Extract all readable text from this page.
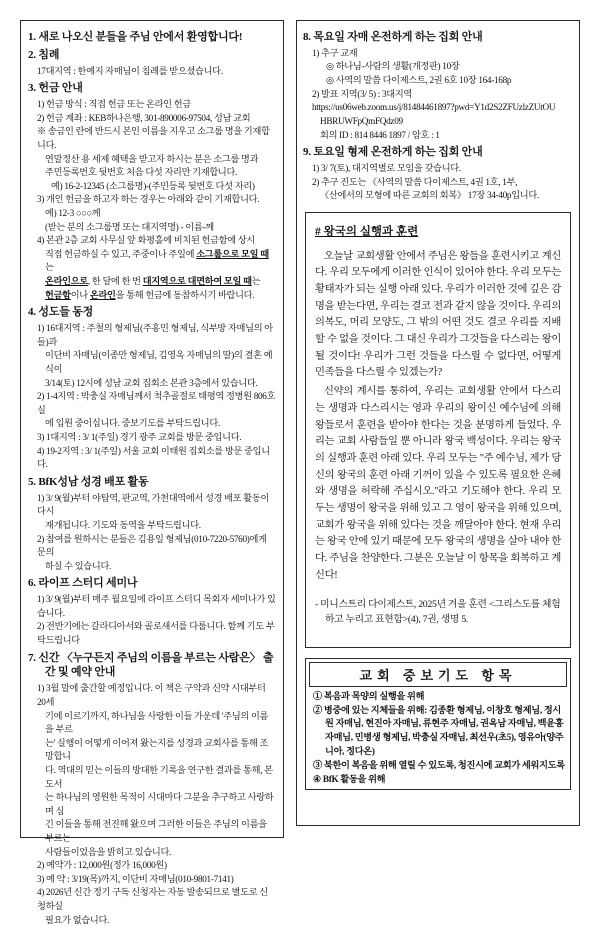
1. 새로 나오신 분들을 주님 안에서 환영합니다!
2. 침례
17대지역 : 한예지 자매님이 침례를 받으셨습니다.
3. 헌금 안내
1) 헌금 방식 : 직접 헌금 또는 온라인 헌금
2) 헌금 계좌 : KEB하나은행, 301-890006-97504, 성남 교회
※ 송금인 란에 반드시 본인 이름을 지우고 소그룹 명을 기재합니다.
연말정산 용 세제 혜택을 받고자 하시는 분은 소그룹 명과
주민등록번호 뒷번호 처음 다섯 자리만 기재합니다.
예) 16-2-12345 (소그룹명)-(주민등록 뒷번호 다섯 자리)
3) 개인 헌금을 하고자 하는 경우는 아래와 같이 기재합니다.
예) 12-3 ○○○께
(받는 분의 소그룹명 또는 대지역명) - 이름-께
4) 본관 2층 교회 사무실 앞 화평홀에 비치된 헌금함에 상시
직접 헌금하실 수 있고, 주중이나 주일에 소그룹으로 모일 때는
온라인으로, 한 달에 한 번 대지역으로 대면하여 모일 때는
헌금함이나 온라인을 통해 헌금에 동참하시기 바랍니다.
4. 성도들 동정
1) 16대지역 : 주철의 형제님(주홍민 형제님, 식부방 자매님의 아들)과
이단비 자매님(이종만 형제님, 김영옥 자매님의 딸)의 결혼 예식이
3/14(토) 12시에 성남 교회 집회소 본관 3층에서 있습니다.
2) 1-4지역 : 박충실 자매님께서 척추골절로 태평역 정병원 806호실
에 입원 중이십니다. 중보기도를 부탁드립니다.
3) 1대지역 : 3/ 1(주일) 경기 광주 교회를 방문 중입니다.
4) 19-2지역 : 3/ 1(주일) 서울 교회 이태원 집회소를 방문 중입니다.
5. BfK성남 성경 배포 활동
1) 3/ 9(월)부터 야탑역, 판교역, 가천대역에서 성경 배포 활동이 다시
재개됩니다. 기도와 동역을 부탁드립니다.
2) 참여를 원하시는 분들은 김용일 형제님(010-7220-5760)에게 문의
하실 수 있습니다.
6. 라이프 스터디 세미나
1) 3/ 9(월)부터 매주 월요일에 라이프 스터디 목회자 세미나가 있습니다.
2) 전반기에는 갈라디아서와 골로새서를 다룹니다. 함께 기도 부탁드립니다
7. 신간 〈누구든지 주님의 이름을 부르는 사람은〉 출간 및 예약 안내
1) 3월 말에 출간할 예정입니다. 이 책은 구약과 신약 시대부터 20세
기에 이르기까지, 하나님을 사랑한 이들 가운데 '주님의 이름을 부르
는' 실행이 어떻게 이어져 왔는지를 성경과 교회사를 통해 조망합니
다. 역대의 믿는 이들의 방대한 기록을 연구한 결과를 통해, 본 도서
는 하나님의 영원한 목적이 시대마다 그분을 추구하고 사랑하며 심
긴 이들을 통해 전진해 왔으며 그러한 이들은 주님의 이름을 부르는
사람들이었음을 밝히고 있습니다.
2) 예약가 : 12,000원(정가 16,000원)
3) 예 약 : 3/19(목)까지, 이단비 자매님(010-9801-7141)
4) 2026년 신간 정기 구독 신청자는 자동 발송되므로 별도로 신청하실
필요가 없습니다.
8. 목요일 자매 온전하게 하는 집회 안내
1) 추구 교재
◎ 하나님-사람의 생활(개정판) 10장
◎ 사역의 말씀 다이제스트, 2권 6호 10장 164-168p
2) 발표 지역(3/ 5) : 3대지역
https://us06web.zoom.us/j/81484461897?pwd=Y1d2S2ZFUzlzZUtOU
HBRUWFpQmFQdz09
회의 ID : 814 8446 1897 / 암호 : 1
9. 토요일 형제 온전하게 하는 집회 안내
1) 3/ 7(토), 대지역별로 모임을 갖습니다.
2) 추구 진도는 《사역의 말씀 다이제스트, 4권 1호, 1부,
《산에서의 모형에 따른 교회의 회복》 17장 34-40p입니다.
# 왕국의 실행과 훈련

오늘날 교회생활 안에서 주님은 왕들을 훈련시키고 계신다. 우리 모두에게 이러한 인식이 있어야 한다. 우리 모두는 황태자가 되는 실행 아래 있다. 우리가 이러한 것에 깊은 감명을 받는다면, 우리는 결코 전과 같지 않을 것이다. 우리의 의복도, 머리 모양도, 그 밖의 어떤 것도 결코 우리를 지배할 수 없을 것이다. 그 대신 우리가 그것들을 다스리는 왕이 될 것이다! 우리가 그런 것들을 다스릴 수 없다면, 어떻게 민족들을 다스릴 수 있겠는가?

신약의 계시를 통하여, 우리는 교회생활 안에서 다스리는 생명과 다스리시는 영과 우리의 왕이신 예수님에 의해 왕들로서 훈련을 받아야 한다는 것을 분명하게 들었다. 우리는 교회 사람들일 뿐 아니라 왕국 백성이다. 우리는 왕국의 실행과 훈련 아래 있다. 우리 모두는 "주 예수님, 제가 당신의 왕국의 훈련 아래 기꺼이 있을 수 있도록 필요한 은혜와 생명을 허락해 주십시오."라고 기도해야 한다. 우리 모두는 생명이 왕국을 위해 있고 그 영이 왕국을 위해 있으며, 교회가 왕국을 위해 있다는 것을 깨달아야 한다. 현재 우리는 왕국 안에 있기 때문에 모두 왕국의 생명을 살아 내야 한다. 주님을 찬양한다. 그분은 오늘날 이 항목을 회복하고 계신다!

- 미니스트리 다이제스트, 2025년 겨울 훈련 <그리스도를 체험하고 누리고 표현함>(4), 7권, 생명 5.
교회 중보기도 항목
① 복음과 목양의 실행을 위해
② 병중에 있는 지체들을 위해: 김종환 형제님, 이창호 형제님, 정시원 자매님, 현진아 자매님, 류현주 자매님, 권옥남 자매님, 백윤홍 자매님, 민병생 형제님, 박충실 자매님, 최선우(초5), 영유아(양주니아, 정다온)
③ 북한이 복음을 위해 열릴 수 있도록, 청진시에 교회가 세워지도록
④ BfK 활동을 위해
